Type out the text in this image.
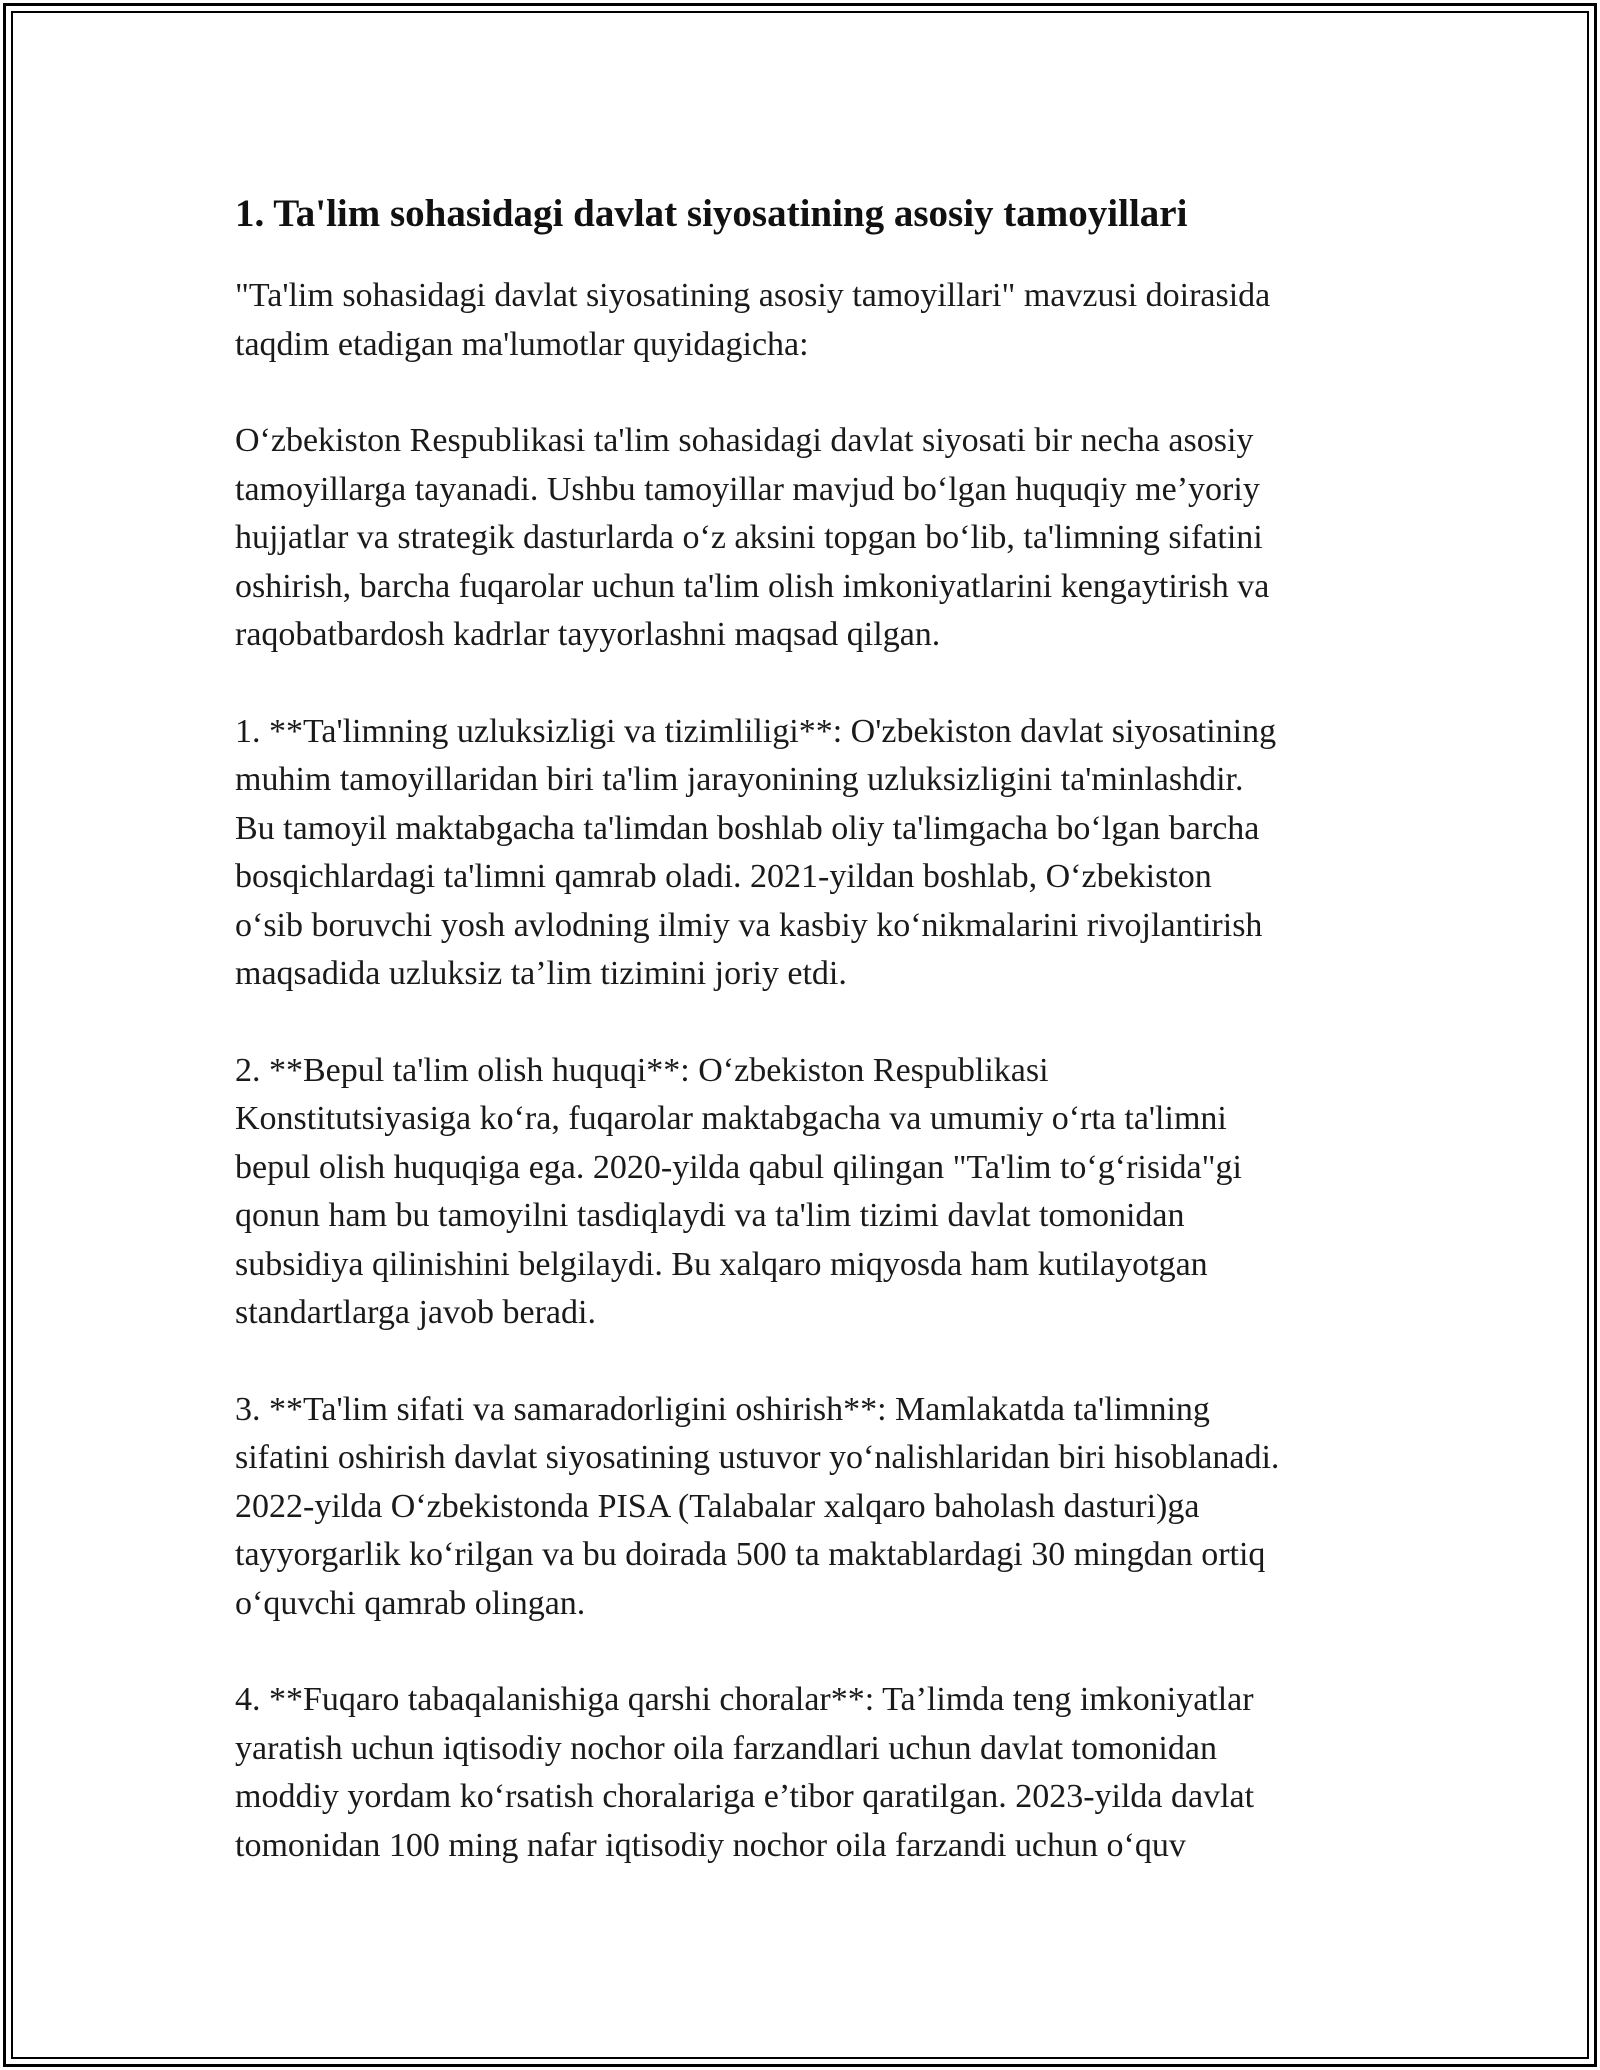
1. Ta'lim sohasidagi davlat siyosatining asosiy tamoyillari

"Ta'lim sohasidagi davlat siyosatining asosiy tamoyillari" mavzusi doirasida
taqdim etadigan ma'lumotlar quyidagicha:

O‘zbekiston Respublikasi ta'lim sohasidagi davlat siyosati bir necha asosiy
tamoyillarga tayanadi. Ushbu tamoyillar mavjud bo‘lgan huquqiy me’yoriy
hujjatlar va strategik dasturlarda o‘z aksini topgan bo‘lib, ta'limning sifatini
oshirish, barcha fuqarolar uchun ta'lim olish imkoniyatlarini kengaytirish va
raqobatbardosh kadrlar tayyorlashni maqsad qilgan.

1. **Ta'limning uzluksizligi va tizimliligi**: O'zbekiston davlat siyosatining
muhim tamoyillaridan biri ta'lim jarayonining uzluksizligini ta'minlashdir.
Bu tamoyil maktabgacha ta'limdan boshlab oliy ta'limgacha bo‘lgan barcha
bosqichlardagi ta'limni qamrab oladi. 2021-yildan boshlab, O‘zbekiston
o‘sib boruvchi yosh avlodning ilmiy va kasbiy ko‘nikmalarini rivojlantirish
maqsadida uzluksiz ta’lim tizimini joriy etdi.

2. **Bepul ta'lim olish huquqi**: O‘zbekiston Respublikasi
Konstitutsiyasiga ko‘ra, fuqarolar maktabgacha va umumiy o‘rta ta'limni
bepul olish huquqiga ega. 2020-yilda qabul qilingan "Ta'lim to‘g‘risida"gi
qonun ham bu tamoyilni tasdiqlaydi va ta'lim tizimi davlat tomonidan
subsidiya qilinishini belgilaydi. Bu xalqaro miqyosda ham kutilayotgan
standartlarga javob beradi.

3. **Ta'lim sifati va samaradorligini oshirish**: Mamlakatda ta'limning
sifatini oshirish davlat siyosatining ustuvor yo‘nalishlaridan biri hisoblanadi.
2022-yilda O‘zbekistonda PISA (Talabalar xalqaro baholash dasturi)ga
tayyorgarlik ko‘rilgan va bu doirada 500 ta maktablardagi 30 mingdan ortiq
o‘quvchi qamrab olingan.

4. **Fuqaro tabaqalanishiga qarshi choralar**: Ta’limda teng imkoniyatlar
yaratish uchun iqtisodiy nochor oila farzandlari uchun davlat tomonidan
moddiy yordam ko‘rsatish choralariga e’tibor qaratilgan. 2023-yilda davlat
tomonidan 100 ming nafar iqtisodiy nochor oila farzandi uchun o‘quv
